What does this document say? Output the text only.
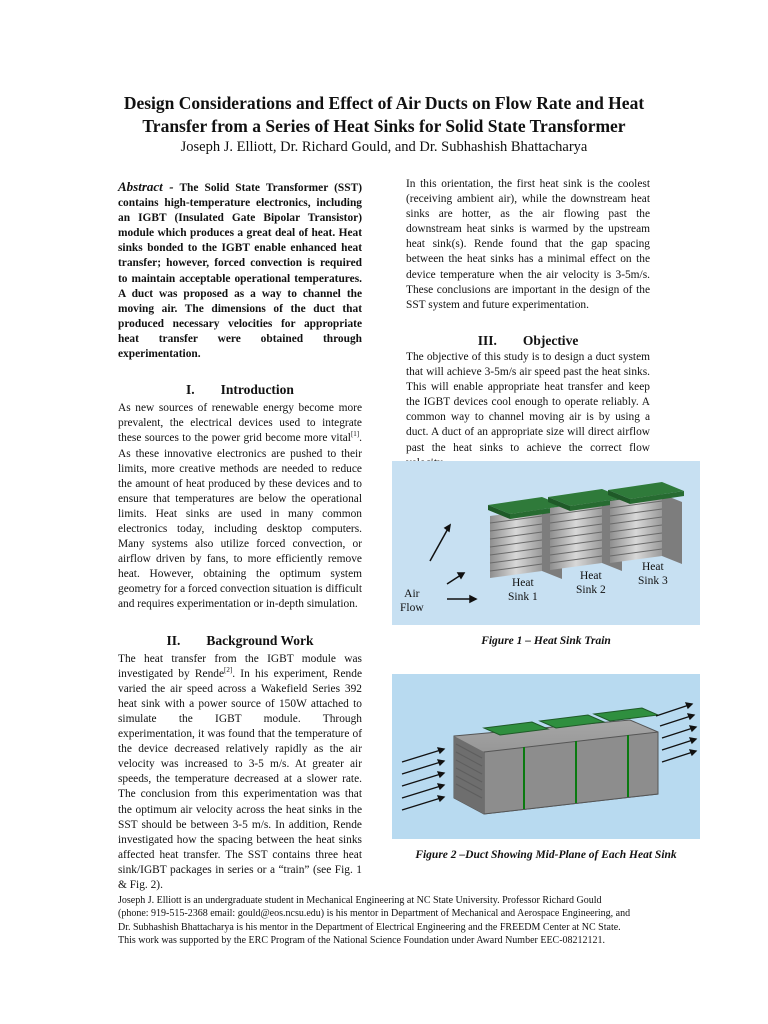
Design Considerations and Effect of Air Ducts on Flow Rate and Heat
Transfer from a Series of Heat Sinks for Solid State Transformer
Joseph J. Elliott, Dr. Richard Gould, and Dr. Subhashish Bhattacharya

Abstract - The Solid State Transformer (SST) contains high-temperature electronics, including an IGBT (Insulated Gate Bipolar Transistor) module which produces a great deal of heat. Heat sinks bonded to the IGBT enable enhanced heat transfer; however, forced convection is required to maintain acceptable operational temperatures. A duct was proposed as a way to channel the moving air. The dimensions of the duct that produced necessary velocities for appropriate heat transfer were obtained through experimentation.

I. Introduction

As new sources of renewable energy become more prevalent, the electrical devices used to integrate these sources to the power grid become more vital[1]. As these innovative electronics are pushed to their limits, more creative methods are needed to reduce the amount of heat produced by these devices and to ensure that temperatures are below the operational limits. Heat sinks are used in many common electronics today, including desktop computers. Many systems also utilize forced convection, or airflow driven by fans, to more efficiently remove heat. However, obtaining the optimum system geometry for a forced convection situation is difficult and requires experimentation or in-depth simulation.

II. Background Work

The heat transfer from the IGBT module was investigated by Rende[2]. In his experiment, Rende varied the air speed across a Wakefield Series 392 heat sink with a power source of 150W attached to simulate the IGBT module. Through experimentation, it was found that the temperature of the device decreased relatively rapidly as the air velocity was increased to 3-5 m/s. At greater air speeds, the temperature decreased at a slower rate. The conclusion from this experimentation was that the optimum air velocity across the heat sinks in the SST should be between 3-5 m/s. In addition, Rende investigated how the spacing between the heat sinks affected heat transfer. The SST contains three heat sink/IGBT packages in series or a “train” (see Fig. 1 & Fig. 2).

In this orientation, the first heat sink is the coolest (receiving ambient air), while the downstream heat sinks are hotter, as the air flowing past the downstream heat sinks is warmed by the upstream heat sink(s). Rende found that the gap spacing between the heat sinks has a minimal effect on the device temperature when the air velocity is 3-5m/s. These conclusions are important in the design of the SST system and future experimentation.

III. Objective

The objective of this study is to design a duct system that will achieve 3-5m/s air speed past the heat sinks. This will enable appropriate heat transfer and keep the IGBT devices cool enough to operate reliably. A common way to channel moving air is by using a duct. A duct of an appropriate size will direct airflow past the heat sinks to achieve the correct flow

Air
Flow
Heat
Sink 1
Heat
Sink 2
Heat
Sink 3
Figure 1 – Heat Sink Train
Figure 2 –Duct Showing Mid-Plane of Each Heat Sink

Joseph J. Elliott is an undergraduate student in Mechanical Engineering at NC State University. Professor Richard Gould

(phone: 919-515-2368 email: gould@eos.ncsu.edu) is his mentor in Department of Mechanical and Aerospace Engineering, and

Dr. Subhashish Bhattacharya is his mentor in the Department of Electrical Engineering and the FREEDM Center at NC State.

This work was supported by the ERC Program of the National Science Foundation under Award Number EEC-08212121.
